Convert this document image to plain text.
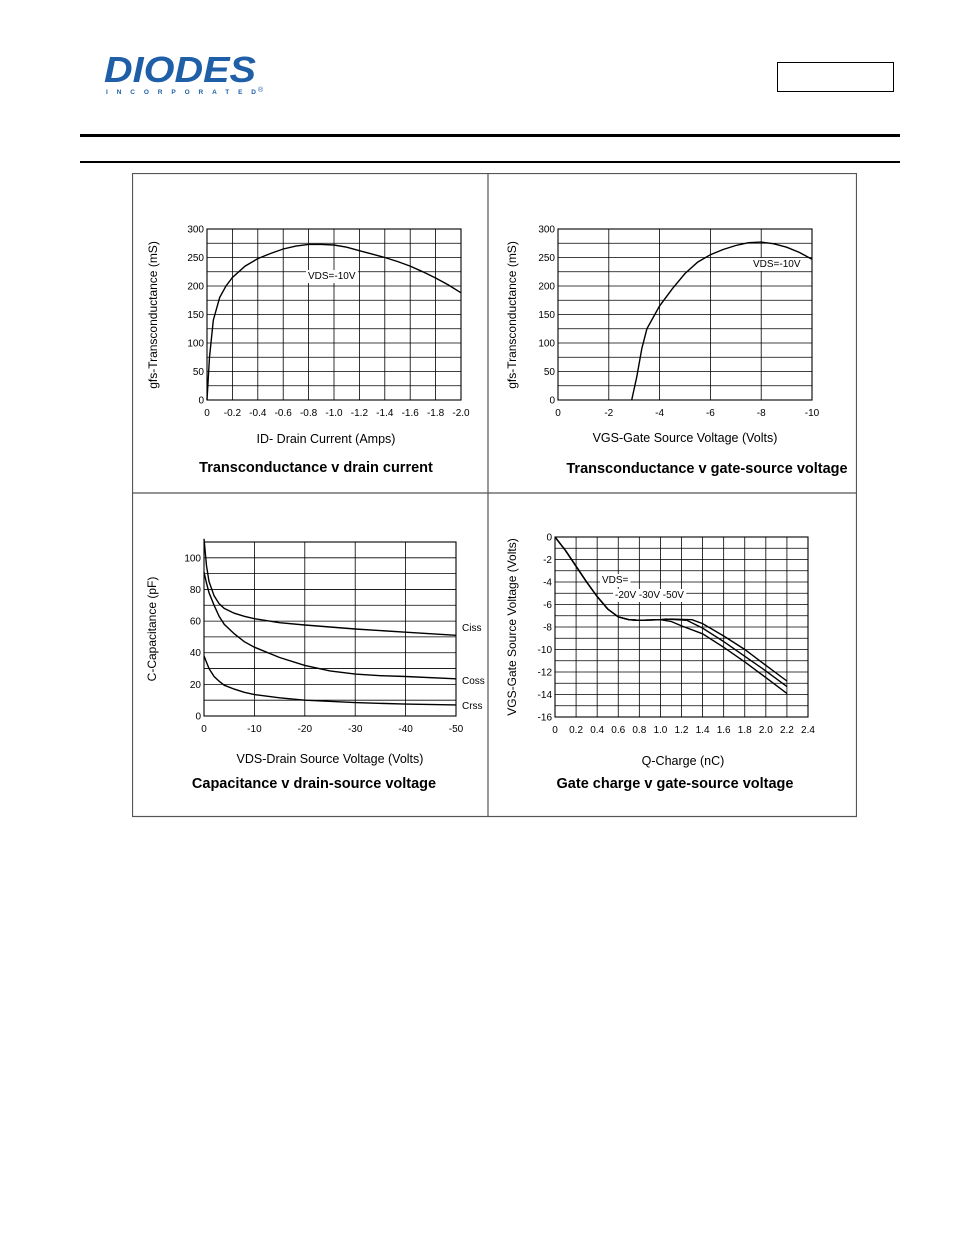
DIODES
INCORPORATED ®
0 -0.2 -0.4 -0.6 -0.8 -1.0 -1.2 -1.4 -1.6 -1.8 -2.0
0
50
100
150
200
250
300
VDS=-10V
ID- Drain Current (Amps)
gfs-Transconductance (mS)
Transconductance v drain current
0	-2	-4	-6	-8	-10
0
50
100
150
200
250
300
VDS=-10V
VGS-Gate Source Voltage (Volts)
gfs-Transconductance (mS)
Transconductance v gate-source voltage
0	-10	-20	-30	-40	-50
0
20
40
60
80
100
Ciss
Coss
Crss
VDS-Drain Source Voltage (Volts)
C-Capacitance (pF)
Capacitance v drain-source voltage
0 0.2 0.4 0.6 0.8 1.0 1.2 1.4 1.6 1.8 2.0 2.2 2.4
0
-2
-4
-6
-8
-10
-12
-14
-16
VDS=
-20V -30V -50V
Q-Charge (nC)
VGS-Gate Source Voltage (Volts)
Gate charge v gate-source voltage
